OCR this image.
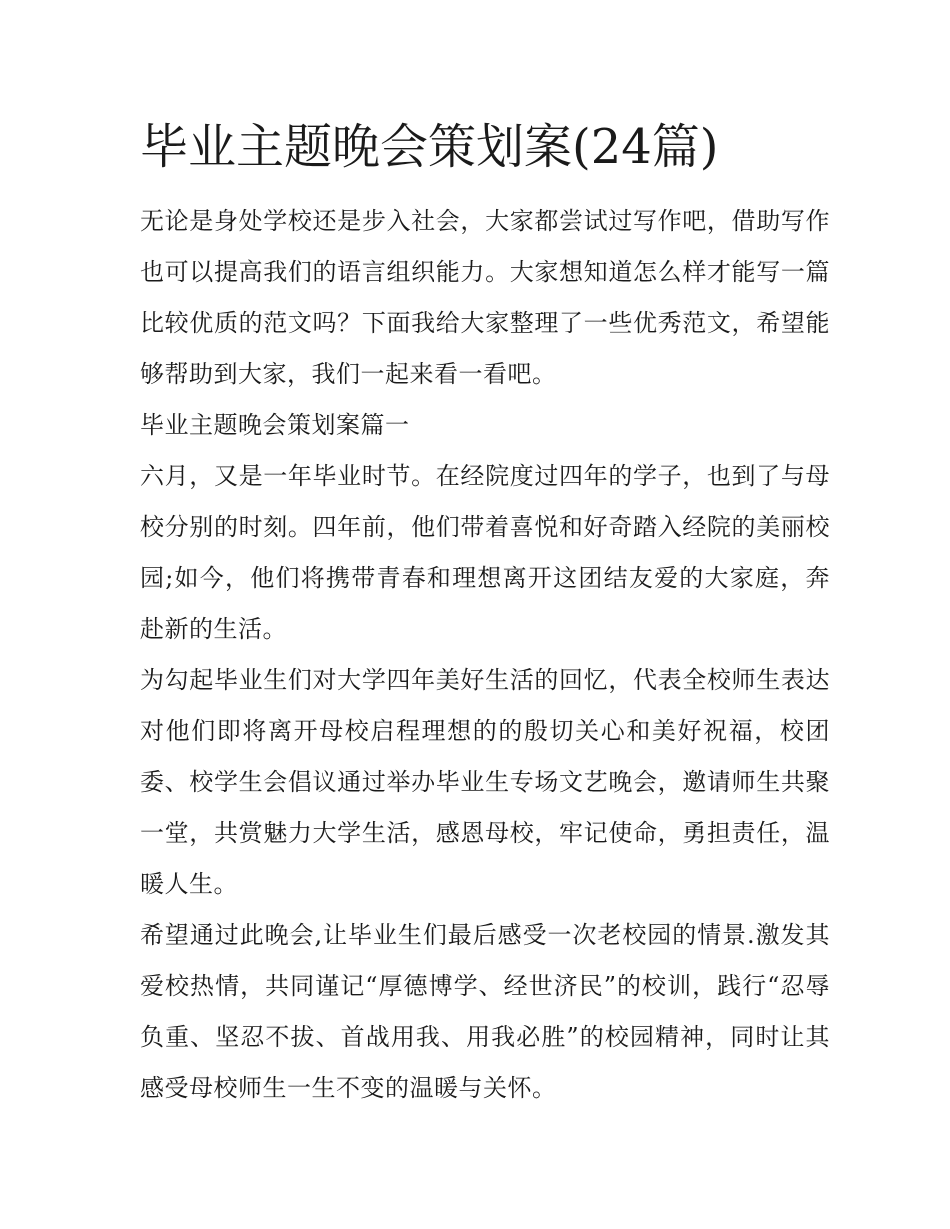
毕业主题晚会策划案(24篇)

无论是身处学校还是步入社会，大家都尝试过写作吧，借助写作也可以提高我们的语言组织能力。大家想知道怎么样才能写一篇比较优质的范文吗？下面我给大家整理了一些优秀范文，希望能够帮助到大家，我们一起来看一看吧。

毕业主题晚会策划案篇一

六月，又是一年毕业时节。在经院度过四年的学子，也到了与母校分别的时刻。四年前，他们带着喜悦和好奇踏入经院的美丽校园;如今，他们将携带青春和理想离开这团结友爱的大家庭，奔赴新的生活。

为勾起毕业生们对大学四年美好生活的回忆，代表全校师生表达对他们即将离开母校启程理想的的殷切关心和美好祝福，校团委、校学生会倡议通过举办毕业生专场文艺晚会，邀请师生共聚一堂，共赏魅力大学生活，感恩母校，牢记使命，勇担责任，温暖人生。

希望通过此晚会,让毕业生们最后感受一次老校园的情景.激发其爱校热情，共同谨记“厚德博学、经世济民”的校训，践行“忍辱负重、坚忍不拔、首战用我、用我必胜”的校园精神，同时让其感受母校师生一生不变的温暖与关怀。
